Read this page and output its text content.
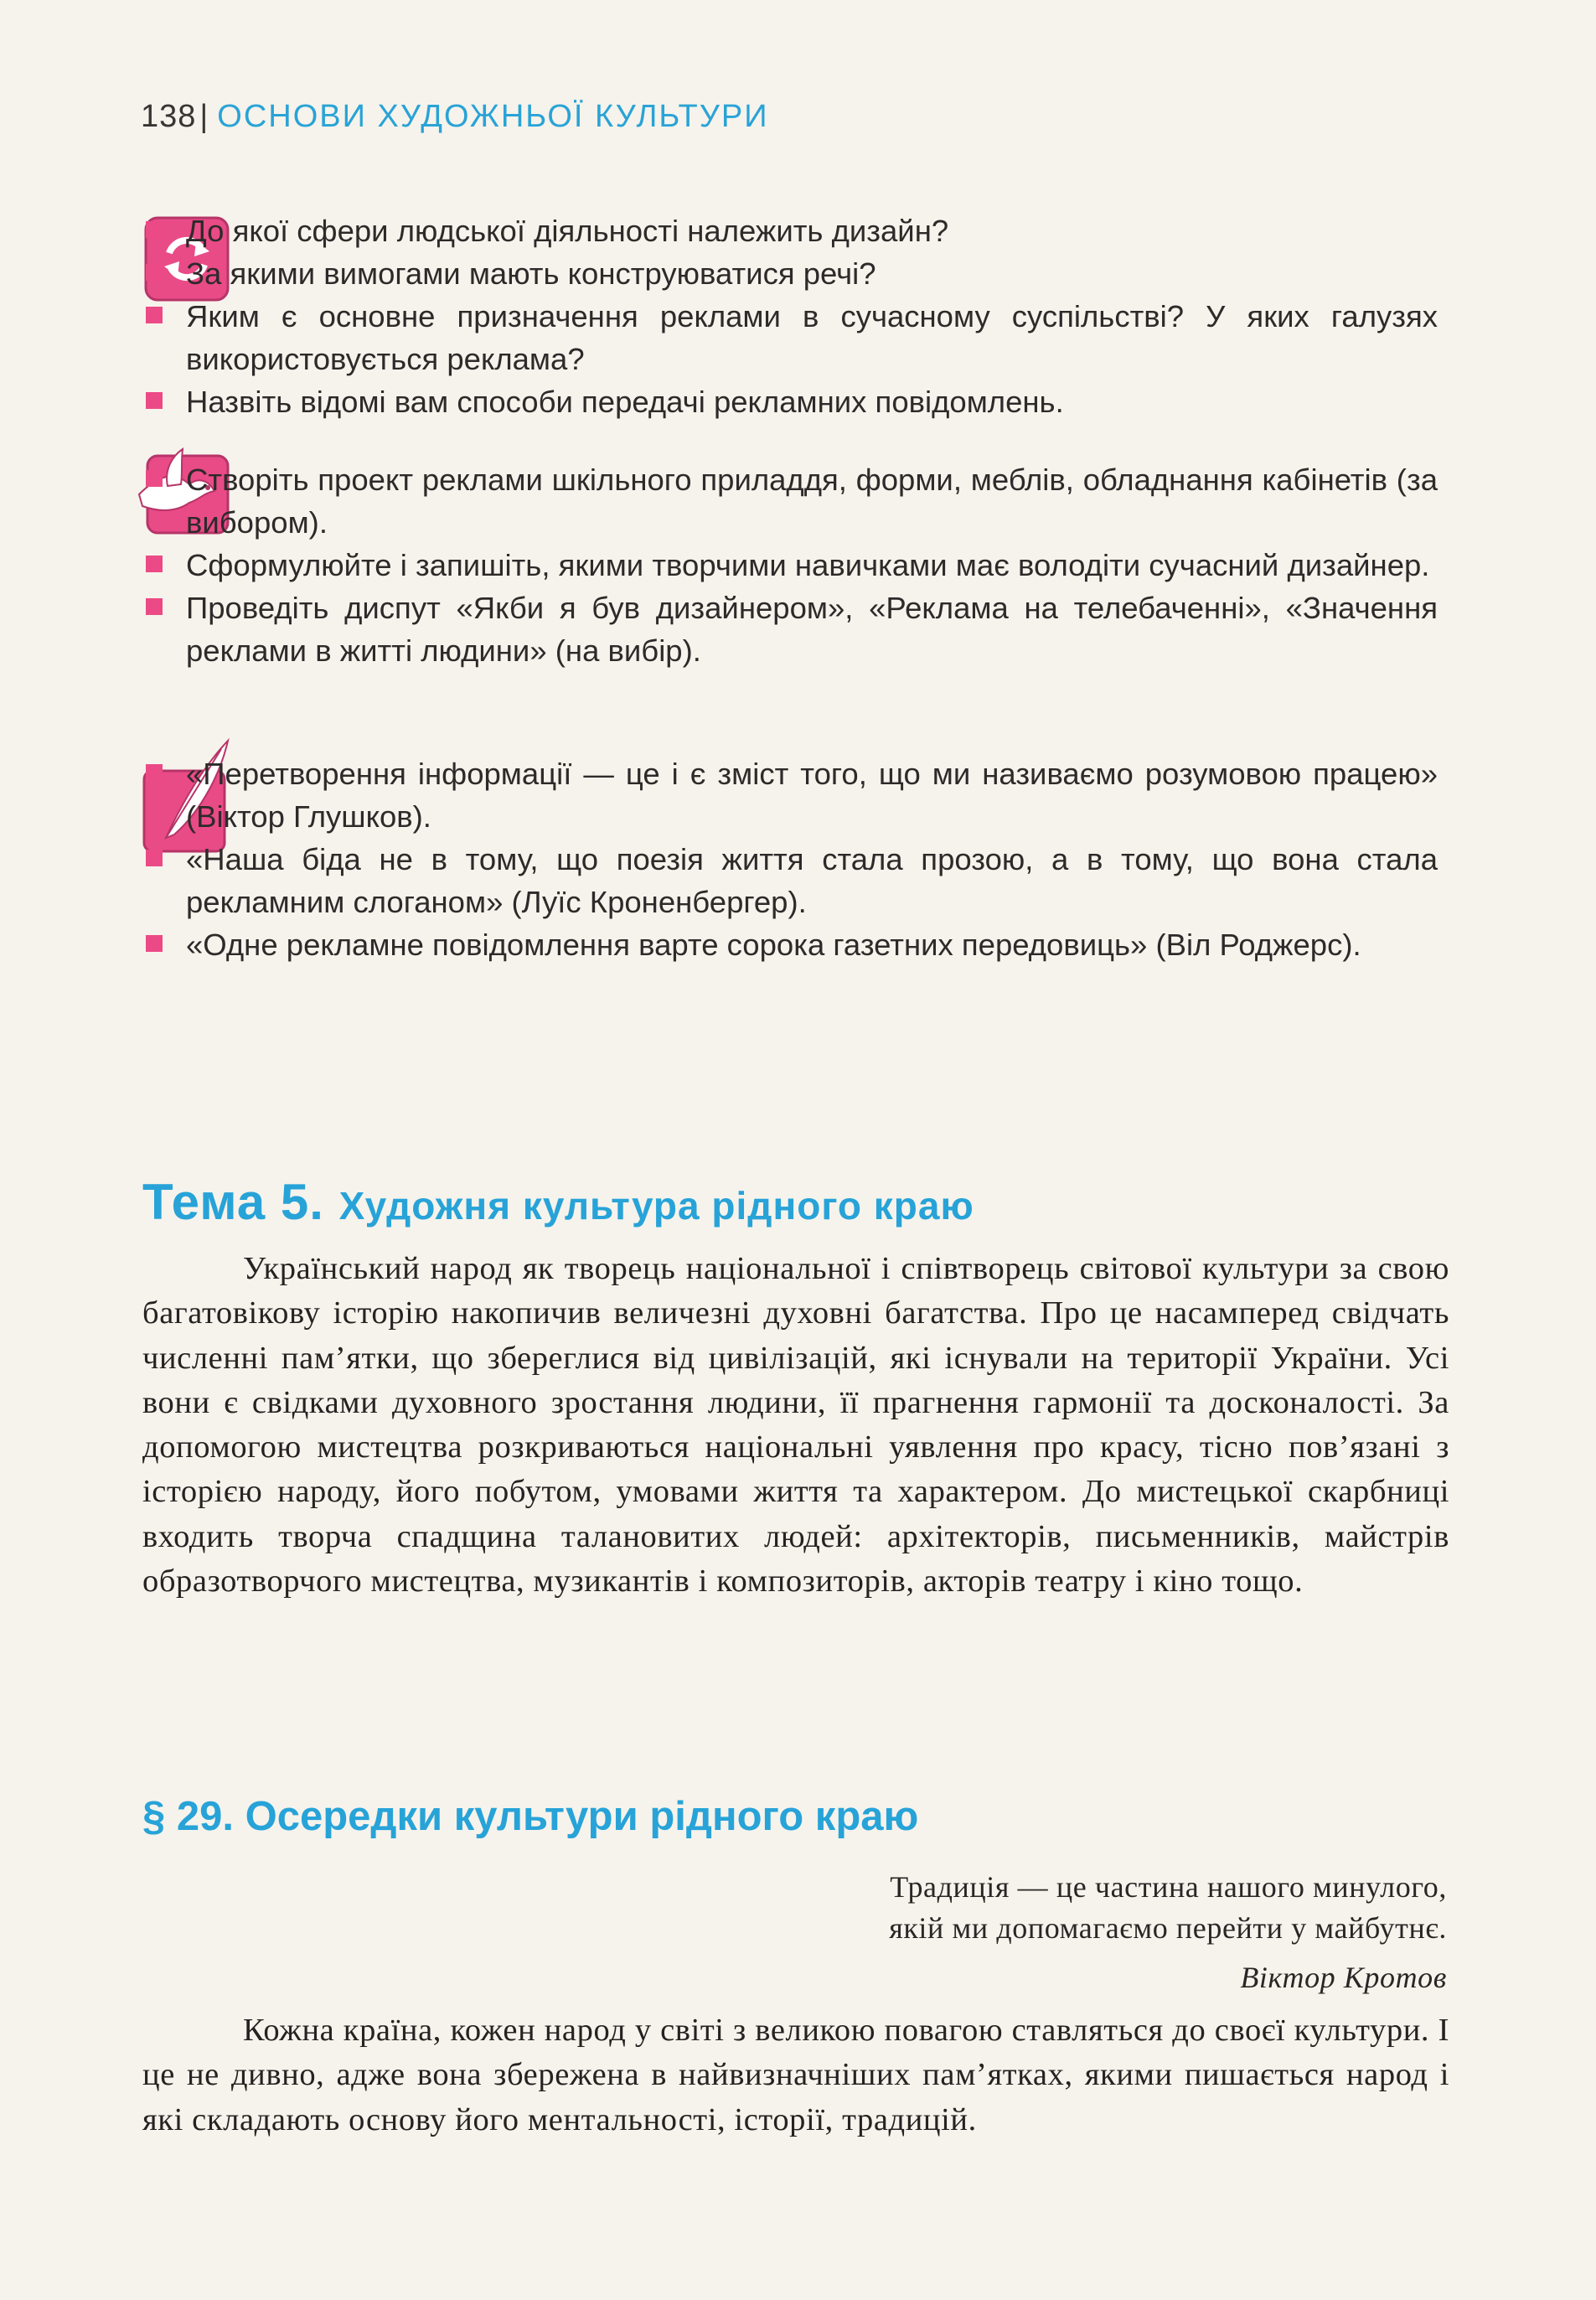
138 | ОСНОВИ ХУДОЖНЬОЇ КУЛЬТУРИ
До якої сфери людської діяльності належить дизайн?
За якими вимогами мають конструюватися речі?
Яким є основне призначення реклами в сучасному суспільстві? У яких галузях використовується реклама?
Назвіть відомі вам способи передачі рекламних повідомлень.
Створіть проект реклами шкільного приладдя, форми, меблів, обладнання кабінетів (за вибором).
Сформулюйте і запишіть, якими творчими навичками має володіти сучасний дизайнер.
Проведіть диспут «Якби я був дизайнером», «Реклама на телебаченні», «Значення реклами в житті людини» (на вибір).
«Перетворення інформації — це і є зміст того, що ми називаємо розумовою працею» (Віктор Глушков).
«Наша біда не в тому, що поезія життя стала прозою, а в тому, що вона стала рекламним слоганом» (Луїс Кроненбергер).
«Одне рекламне повідомлення варте сорока газетних передовиць» (Віл Роджерс).
Тема 5. Художня культура рідного краю

Український народ як творець національної і співтворець світової культури за свою багатовікову історію накопичив величезні духовні багатства. Про це насамперед свідчать численні пам’ятки, що збереглися від цивілізацій, які існували на території України. Усі вони є свідками духовного зростання людини, її прагнення гармонії та досконалості. За допомогою мистецтва розкриваються національні уявлення про красу, тісно пов’язані з історією народу, його побутом, умовами життя та характером. До мистецької скарбниці входить творча спадщина талановитих людей: архітекторів, письменників, майстрів образотворчого мистецтва, музикантів і композиторів, акторів театру і кіно тощо.

§ 29. Осередки культури рідного краю
Традиція — це частина нашого минулого,
якій ми допомагаємо перейти у майбутнє.
Віктор Кротов

Кожна країна, кожен народ у світі з великою повагою ставляться до своєї культури. І це не дивно, адже вона збережена в найвизначніших пам’ятках, якими пишається народ і які складають основу його ментальності, історії, традицій.
